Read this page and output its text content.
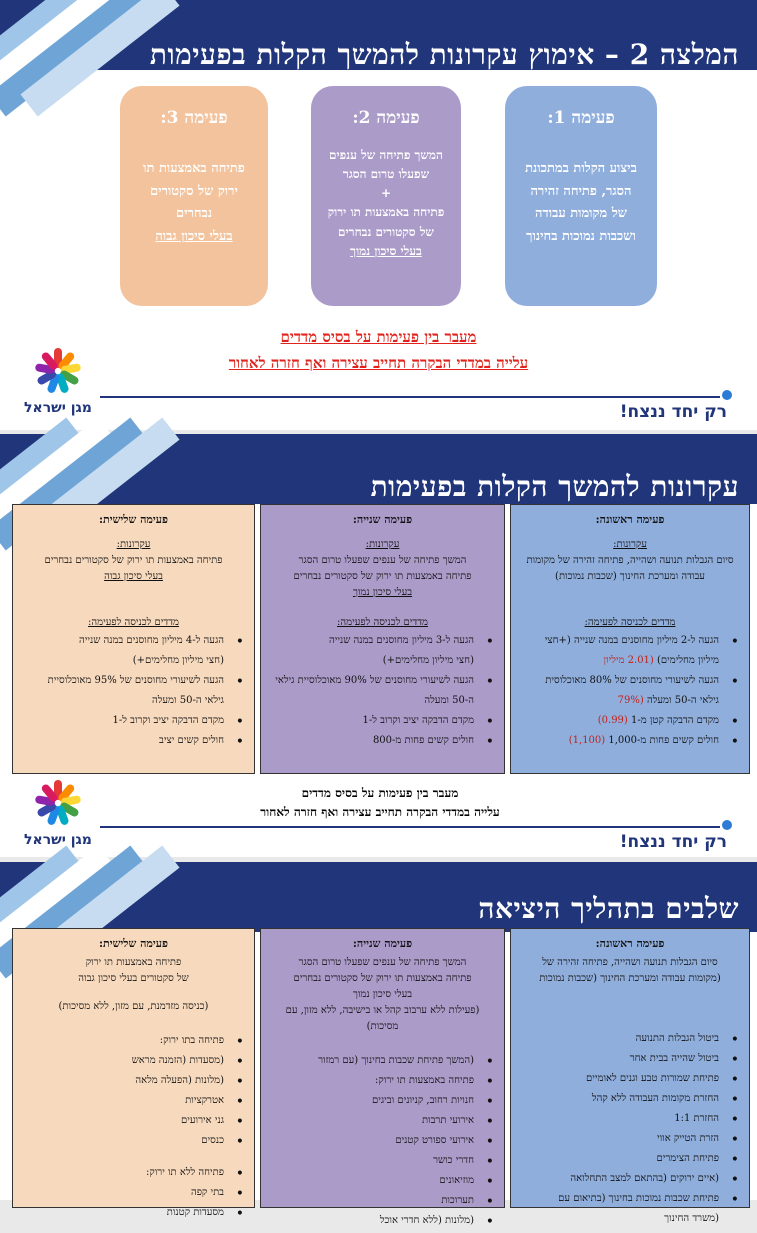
המלצה 2 – אימוץ עקרונות להמשך הקלות בפעימות
פעימה 1:
ביצוע הקלות במתכונת
הסגר, פתיחה זהירה
של מקומות עבודה
ושכבות נמוכות בחינוך
פעימה 2:
המשך פתיחה של ענפים
שפעלו טרום הסגר
+
פתיחה באמצעות תו ירוק
של סקטורים נבחרים
בעלי סיכון נמוך
פעימה 3:
פתיחה באמצעות תו
ירוק של סקטורים
נבחרים
בעלי סיכון גבוה
מעבר בין פעימות על בסיס מדדים
עלייה במדדי הבקרה תחייב עצירה ואף חזרה לאחור
מגן ישראל	רק יחד ננצח!
עקרונות להמשך הקלות בפעימות
פעימה ראשונה:
עקרונות:
סיום הגבלות תנועה ושהייה, פתיחה זהירה של מקומות
עבודה ומערכת החינוך (שכבות נמוכות)
מדדים לכניסה לפעימה:
• הגעה ל-2 מיליון מחוסנים במנה שנייה (+חצי
מיליון מחלימים) (2.01 מיליון
• הגעה לשיעורי מחוסנים של 80% מאוכלוסית
גילאי ה-50 ומעלה (79%
• מקדם הדבקה קטן מ-1 (0.99)
• חולים קשים פחות מ-1,000 (1,100)
פעימה שנייה:
עקרונות:
המשך פתיחה של ענפים שפעלו טרום הסגר
פתיחה באמצעות תו ירוק של סקטורים נבחרים
בעלי סיכון נמוך
מדדים לכניסה לפעימה:
• הגעה ל-3 מיליון מחוסנים במנה שנייה
(חצי מיליון מחלימים+)
• הגעה לשיעורי מחוסנים של 90% מאוכלוסיית גילאי
ה-50 ומעלה
• מקדם הדבקה יציב וקרוב ל-1
• חולים קשים פחות מ-800
פעימה שלישית:
עקרונות:
פתיחה באמצעות תו ירוק של סקטורים נבחרים
בעלי סיכון גבוה
מדדים לכניסה לפעימה:
• הגעה ל-4 מיליון מחוסנים במנה שנייה
(חצי מיליון מחלימים+)
• הגעה לשיעורי מחוסנים של 95% מאוכלוסיית
גילאי ה-50 ומעלה
• מקדם הדבקה יציב וקרוב ל-1
• חולים קשים יציב
מעבר בין פעימות על בסיס מדדים
עלייה במדדי הבקרה תחייב עצירה ואף חזרה לאחור
מגן ישראל	רק יחד ננצח!
שלבים בתהליך היציאה
פעימה ראשונה:
סיום הגבלות תנועה ושהייה, פתיחה זהירה של
(מקומות עבודה ומערכת החינוך (שכבות נמוכות
• ביטול הגבלות התנועה
• ביטול שהייה בבית אחר
• פתיחת שמורות טבע וגנים לאומיים
• החזרת מקומות העבודה ללא קהל
• החזרת 1:1
• הזרת הטייק אווי
• פתיחת הצימרים
• (איים ירוקים (בהתאם למצב התחלואה
• פתיחת שכבות נמוכות בחינוך (בתיאום עם
(משרד החינוך
פעימה שנייה:
המשך פתיחה של ענפים שפעלו טרום הסגר
פתיחה באמצעות תו ירוק של סקטורים נבחרים
בעלי סיכון נמוך
(פעילות ללא ערבוב קהל או בישיבה, ללא מזון, עם מסיכות)
• (המשך פתיחת שכבות בחינוך (עם רמזור
• פתיחה באמצעות תו ירוק:
• חנויות רחוב, קניונים וביגים
• אירועי תרבות
• אירועי ספורט קטנים
• חדרי כושר
• מוזיאונים
• תערוכות
• (מלונות (ללא חדרי אוכל
פעימה שלישית:
פתיחה באמצעות תו ירוק
של סקטורים בעלי סיכון גבוה
(כניסה מזדמנת, עם מזון, ללא מסיכות)
• פתיחה בתו ירוק:
• (מסעדות (הזמנה מראש
• (מלונות (הפעלה מלאה
• אטרקציות
• גני אירועים
• כנסים
• פתיחה ללא תו ירוק:
• בתי קפה
• מסעדות קטנות
